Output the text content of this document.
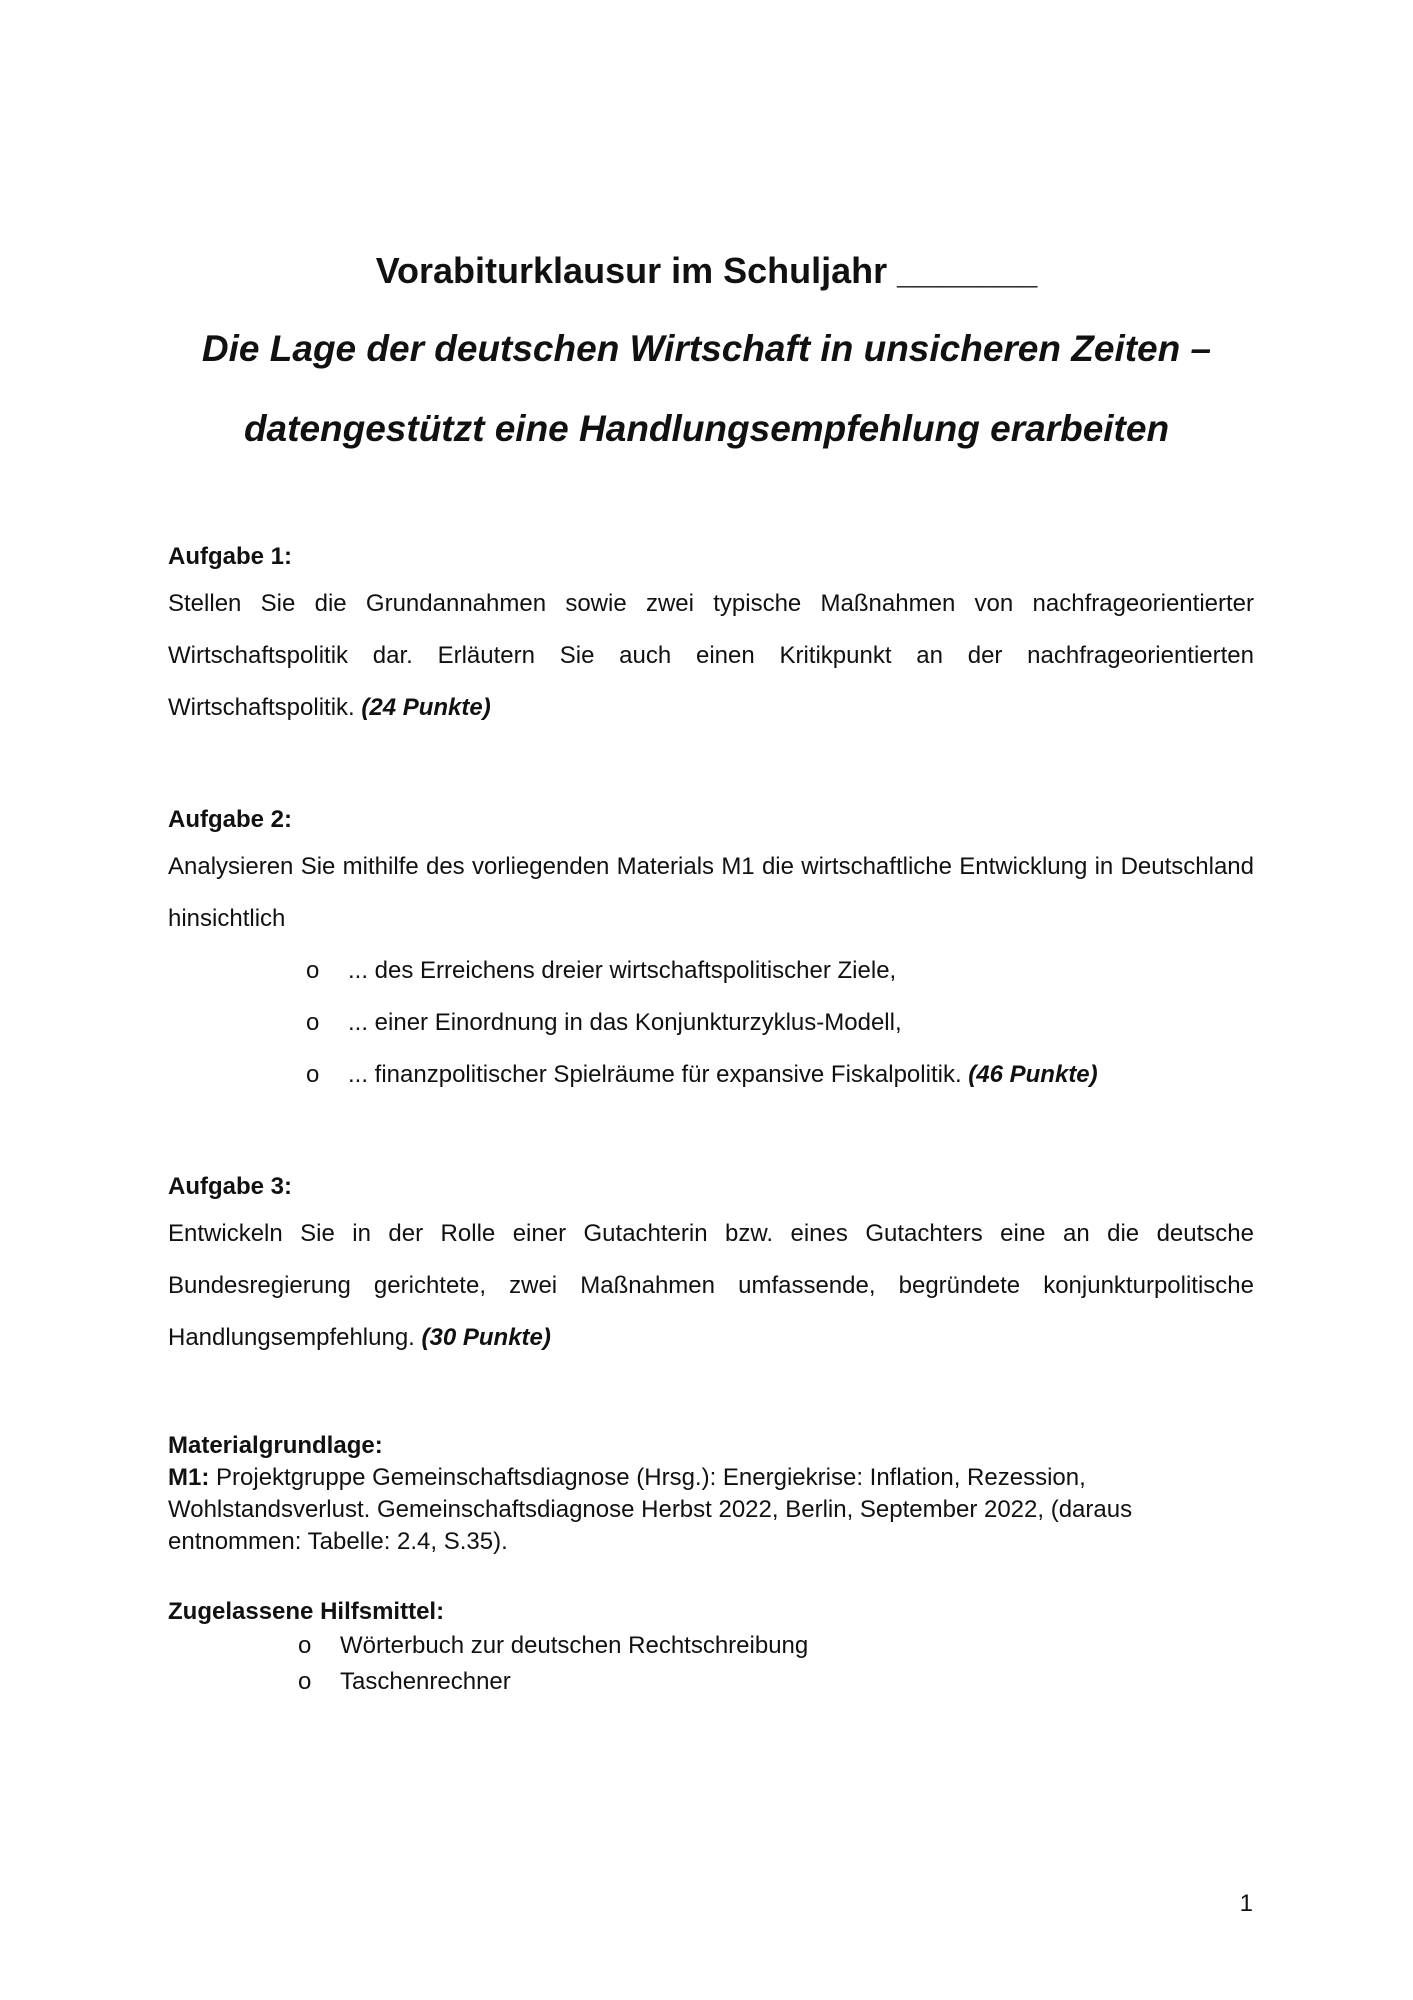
Vorabiturklausur im Schuljahr _______
Die Lage der deutschen Wirtschaft in unsicheren Zeiten –
datengestützt eine Handlungsempfehlung erarbeiten

Aufgabe 1:

Stellen Sie die Grundannahmen sowie zwei typische Maßnahmen von nachfrageorientierter Wirtschaftspolitik dar. Erläutern Sie auch einen Kritikpunkt an der nachfrageorientierten Wirtschaftspolitik. (24 Punkte)

Aufgabe 2:

Analysieren Sie mithilfe des vorliegenden Materials M1 die wirtschaftliche Entwicklung in Deutschland hinsichtlich

o ... des Erreichens dreier wirtschaftspolitischer Ziele,
o ... einer Einordnung in das Konjunkturzyklus-Modell,
o ... finanzpolitischer Spielräume für expansive Fiskalpolitik. (46 Punkte)

Aufgabe 3:

Entwickeln Sie in der Rolle einer Gutachterin bzw. eines Gutachters eine an die deutsche Bundesregierung gerichtete, zwei Maßnahmen umfassende, begründete konjunkturpolitische Handlungsempfehlung. (30 Punkte)

Materialgrundlage:

M1: Projektgruppe Gemeinschaftsdiagnose (Hrsg.): Energiekrise: Inflation, Rezession, Wohlstandsverlust. Gemeinschaftsdiagnose Herbst 2022, Berlin, September 2022, (daraus entnommen: Tabelle: 2.4, S.35).

Zugelassene Hilfsmittel:

o Wörterbuch zur deutschen Rechtschreibung
o Taschenrechner
1
